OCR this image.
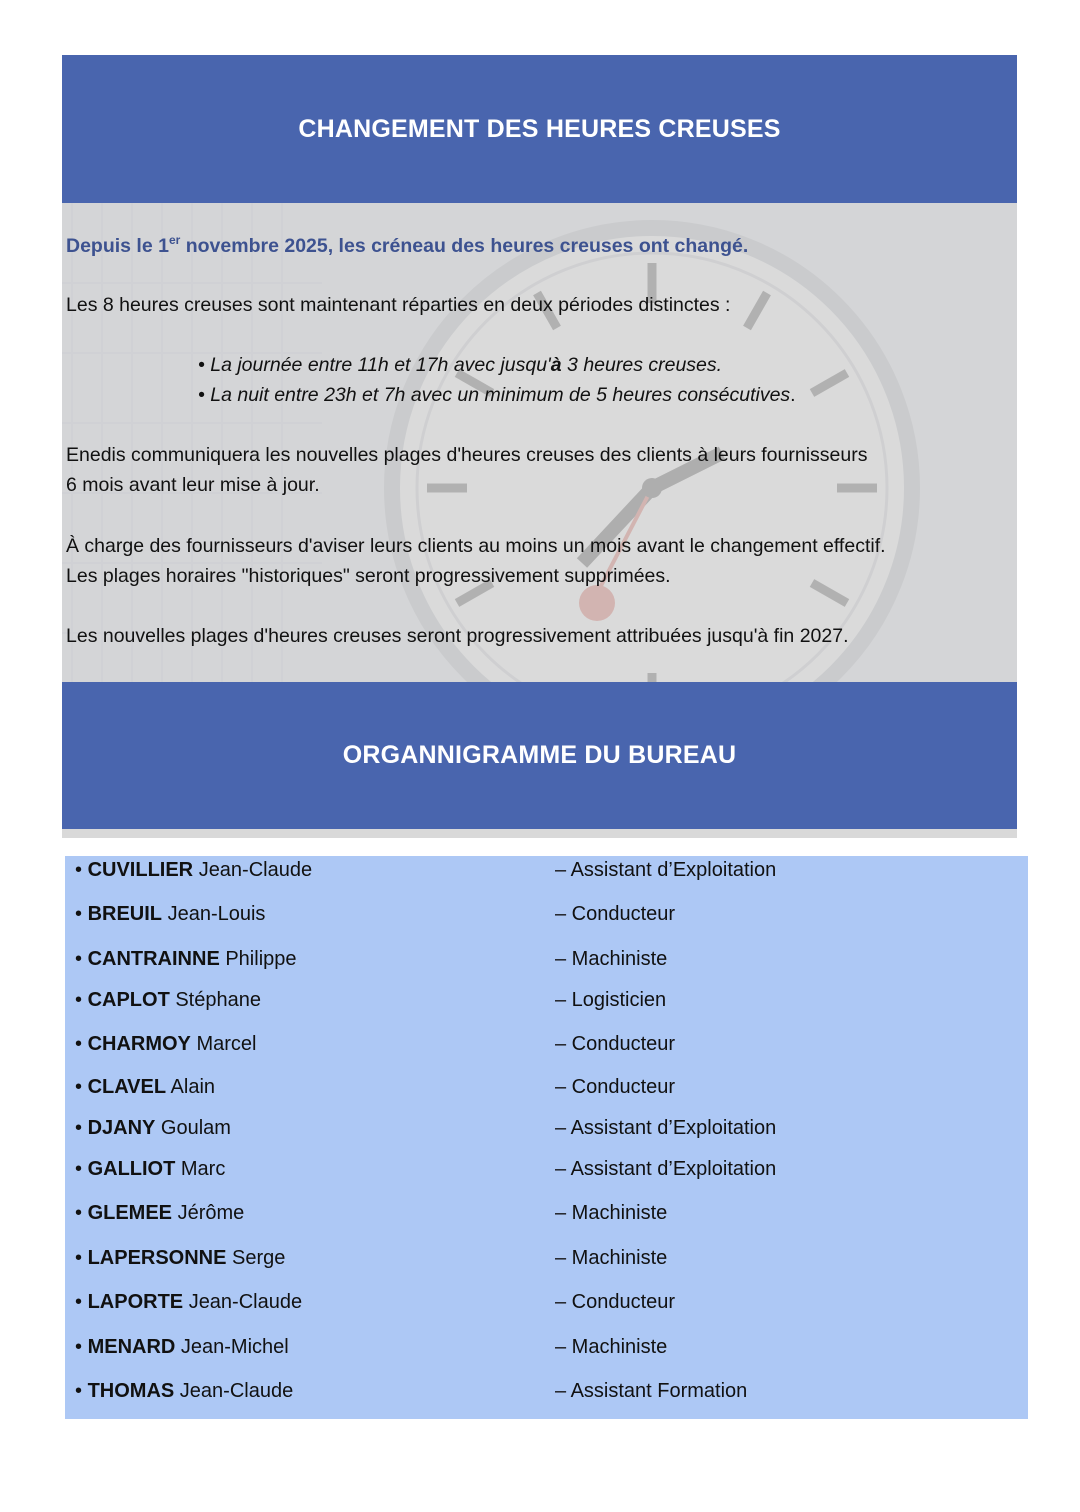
CHANGEMENT DES HEURES CREUSES
Depuis le 1er novembre 2025, les créneau des heures creuses ont changé.
Les 8 heures creuses sont maintenant réparties en deux périodes distinctes :
• La journée entre 11h et 17h avec jusqu'à 3 heures creuses.
• La nuit entre 23h et 7h avec un minimum de 5 heures consécutives.
Enedis communiquera les nouvelles plages d'heures creuses des clients à leurs fournisseurs
6 mois avant leur mise à jour.
À charge des fournisseurs d'aviser leurs clients au moins un mois avant le changement effectif.
Les plages horaires "historiques" seront progressivement supprimées.
Les nouvelles plages d'heures creuses seront progressivement attribuées jusqu'à fin 2027.
ORGANNIGRAMME DU BUREAU
• CUVILLIER Jean-Claude	– Assistant d’Exploitation
• BREUIL Jean-Louis	– Conducteur
• CANTRAINNE Philippe	– Machiniste
• CAPLOT Stéphane	– Logisticien
• CHARMOY Marcel	– Conducteur
• CLAVEL Alain	– Conducteur
• DJANY Goulam	– Assistant d’Exploitation
• GALLIOT Marc	– Assistant d’Exploitation
• GLEMEE Jérôme	– Machiniste
• LAPERSONNE Serge	– Machiniste
• LAPORTE Jean-Claude	– Conducteur
• MENARD Jean-Michel	– Machiniste
• THOMAS Jean-Claude	– Assistant Formation
